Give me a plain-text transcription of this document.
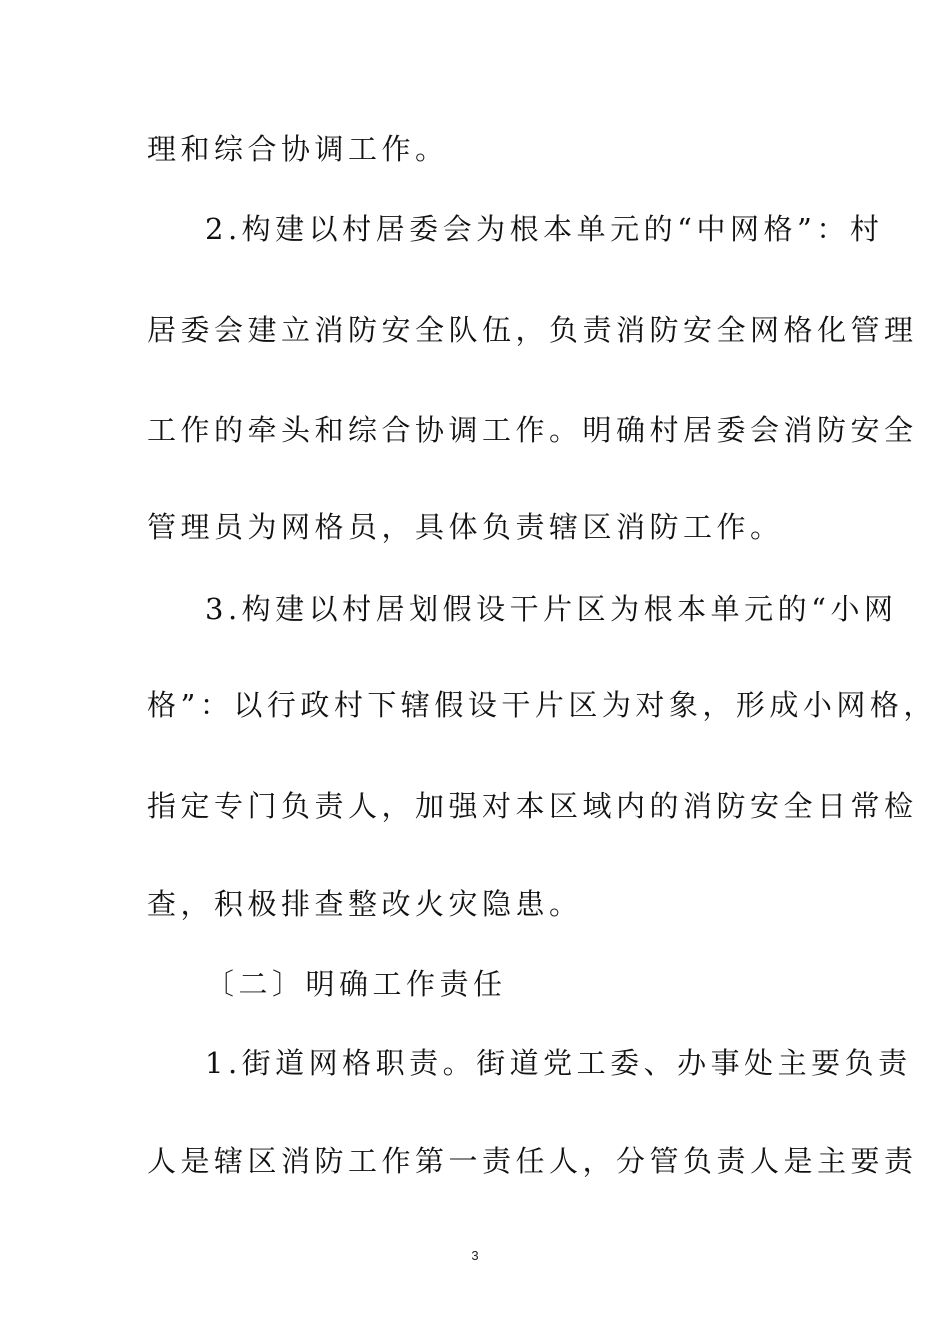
理和综合协调工作。
2.构建以村居委会为根本单元的“中网格”：村
居委会建立消防安全队伍，负责消防安全网格化管理
工作的牵头和综合协调工作。明确村居委会消防安全
管理员为网格员，具体负责辖区消防工作。
3.构建以村居划假设干片区为根本单元的“小网
格”：以行政村下辖假设干片区为对象，形成小网格，
指定专门负责人，加强对本区域内的消防安全日常检
查，积极排查整改火灾隐患。
〔二〕明确工作责任
1.街道网格职责。街道党工委、办事处主要负责
人是辖区消防工作第一责任人，分管负责人是主要责
3
